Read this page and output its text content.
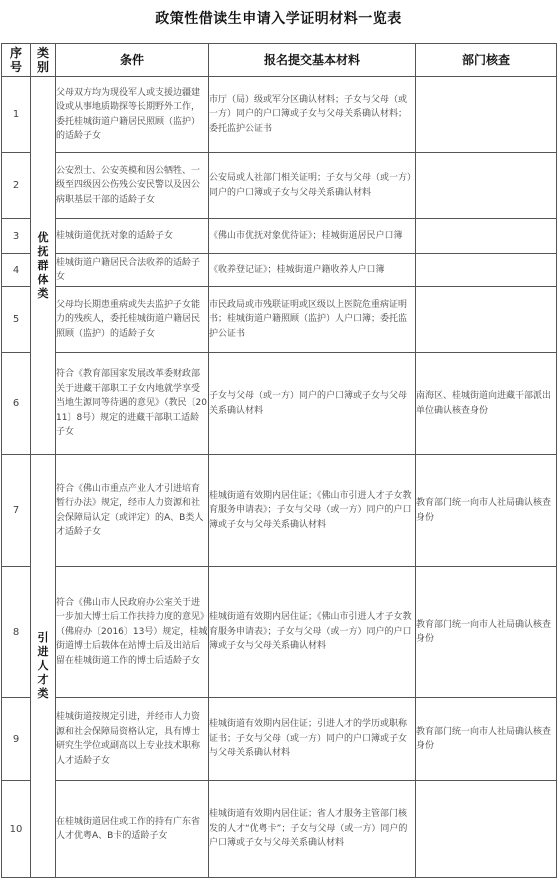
政策性借读生申请入学证明材料一览表
序号	类别	条件	报名提交基本材料	部门核查
1	优抚群体类	父母双方均为现役军人或支援边疆建设或从事地质勘探等长期野外工作，委托桂城街道户籍居民照顾（监护）的适龄子女	市厅（局）级或军分区确认材料；子女与父母（或一方）同户的户口簿或子女与父母关系确认材料；委托监护公证书	
2		公安烈士、公安英模和因公牺牲、一级至四级因公伤残公安民警以及因公病职基层干部的适龄子女	公安局或人社部门相关证明；子女与父母（或一方）同户的户口簿或子女与父母关系确认材料	
3		桂城街道优抚对象的适龄子女	《佛山市优抚对象优待证》；桂城街道居民户口簿	
4		桂城街道户籍居民合法收养的适龄子女	《收养登记证》；桂城街道户籍收养人户口簿	
5		父母均长期患重病或失去监护子女能力的残疾人，委托桂城街道户籍居民照顾（监护）的适龄子女	市民政局或市残联证明或区级以上医院危重病证明书；桂城街道户籍照顾（监护）人户口簿；委托监护公证书	
6		符合《教育部国家发展改革委财政部关于进藏干部职工子女内地就学享受当地生源同等待遇的意见》（教民〔2011〕8号）规定的进藏干部职工适龄子女	子女与父母（或一方）同户的户口簿或子女与父母关系确认材料	南海区、桂城街道向进藏干部派出单位确认核查身份
7	引进人才类	符合《佛山市重点产业人才引进培育暂行办法》规定，经市人力资源和社会保障局认定（或评定）的A、B类人才适龄子女	桂城街道有效期内居住证；《佛山市引进人才子女教育服务申请表》；子女与父母（或一方）同户的户口簿或子女与父母关系确认材料	教育部门统一向市人社局确认核查身份
8		符合《佛山市人民政府办公室关于进一步加大博士后工作扶持力度的意见》（佛府办〔2016〕13号）规定，桂城街道博士后载体在站博士后及出站后留在桂城街道工作的博士后适龄子女	桂城街道有效期内居住证；《佛山市引进人才子女教育服务申请表》；子女与父母（或一方）同户的户口簿或子女与父母关系确认材料	教育部门统一向市人社局确认核查身份
9		桂城街道按规定引进，并经市人力资源和社会保障局资格认定，具有博士研究生学位或副高以上专业技术职称人才适龄子女	桂城街道有效期内居住证；引进人才的学历或职称证书；子女与父母（或一方）同户的户口簿或子女与父母关系确认材料	教育部门统一向市人社局确认核查身份
10		在桂城街道居住或工作的持有广东省人才优粤A、B卡的适龄子女	桂城街道有效期内居住证；省人才服务主管部门核发的人才“优粤卡”；子女与父母（或一方）同户的户口簿或子女与父母关系确认材料	
